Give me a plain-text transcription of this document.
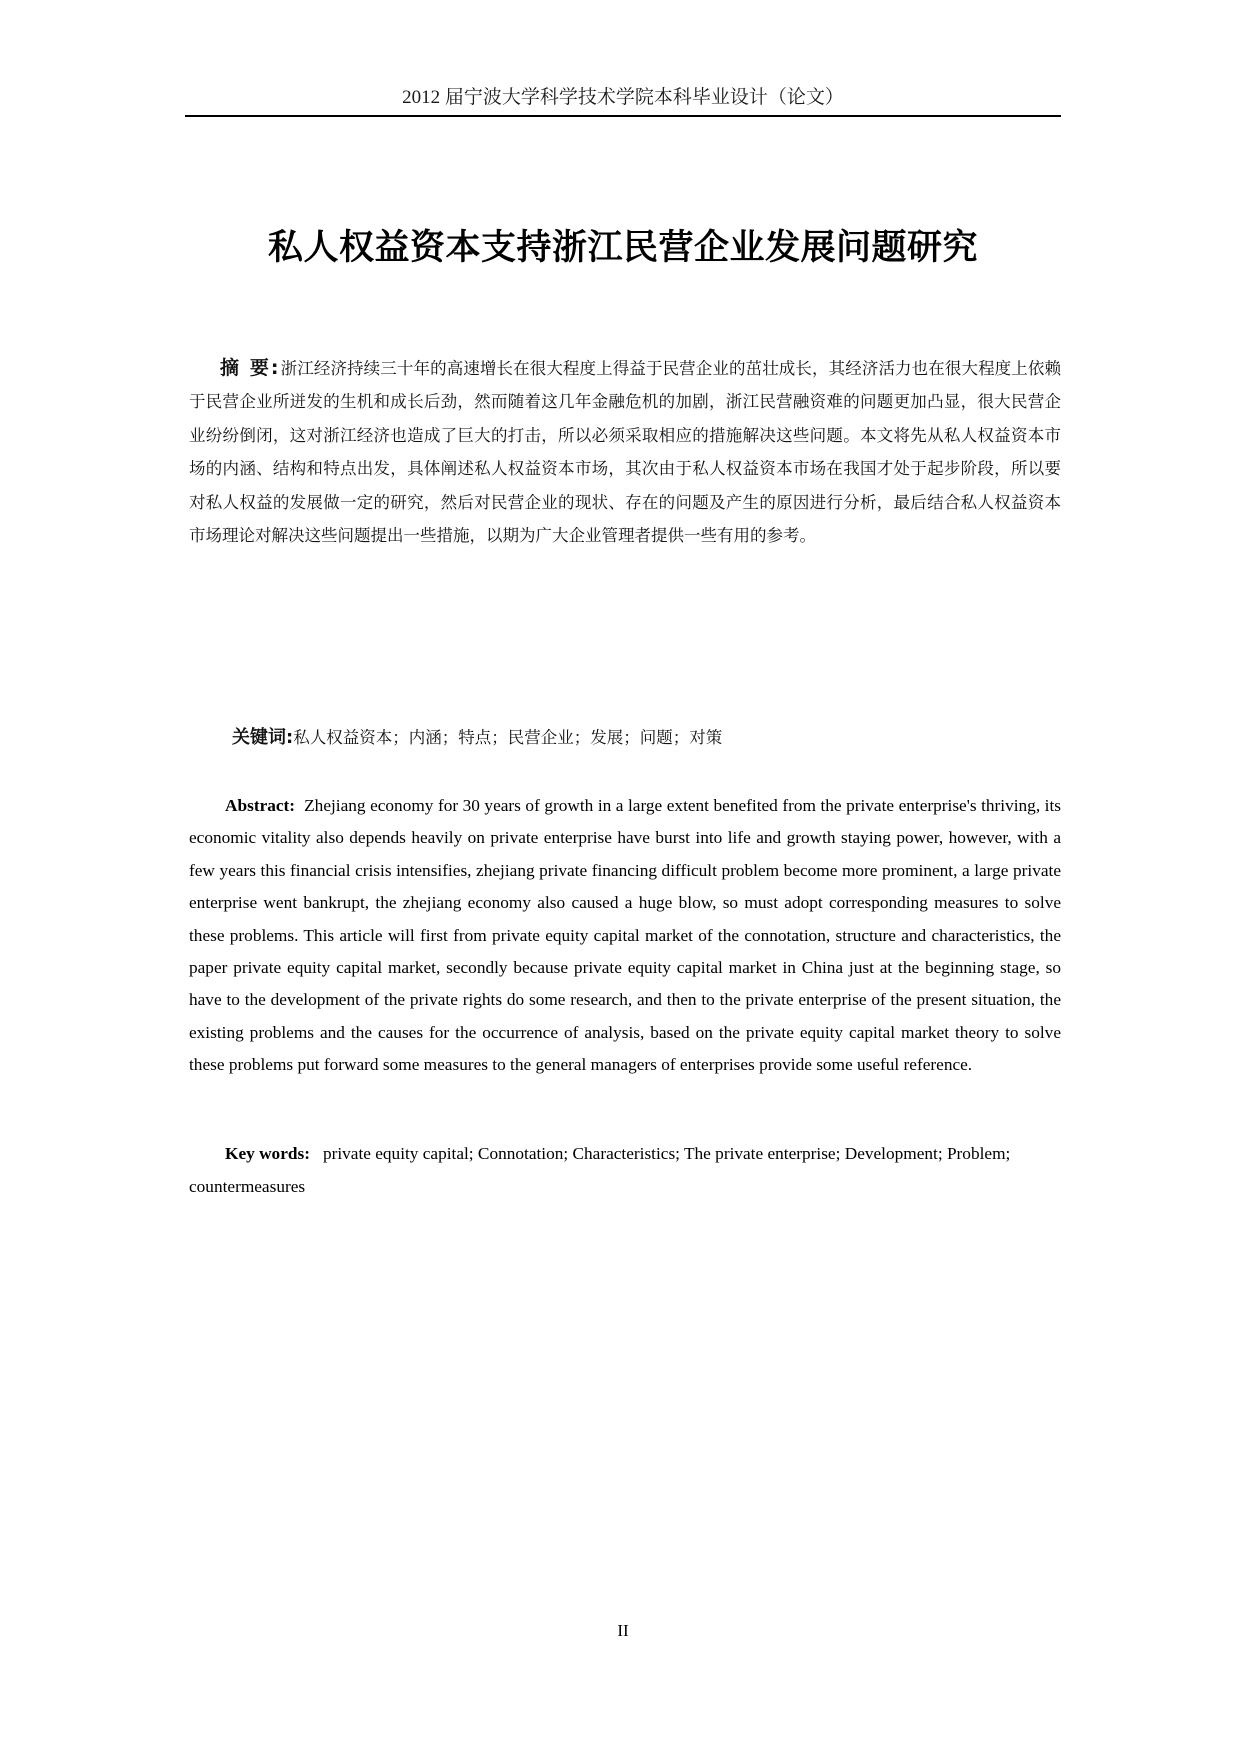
2012 届宁波大学科学技术学院本科毕业设计（论文）
私人权益资本支持浙江民营企业发展问题研究

摘 要:浙江经济持续三十年的高速增长在很大程度上得益于民营企业的茁壮成长，其经济活力也在很大程度上依赖于民营企业所迸发的生机和成长后劲，然而随着这几年金融危机的加剧，浙江民营融资难的问题更加凸显，很大民营企业纷纷倒闭，这对浙江经济也造成了巨大的打击，所以必须采取相应的措施解决这些问题。本文将先从私人权益资本市场的内涵、结构和特点出发，具体阐述私人权益资本市场，其次由于私人权益资本市场在我国才处于起步阶段，所以要对私人权益的发展做一定的研究，然后对民营企业的现状、存在的问题及产生的原因进行分析，最后结合私人权益资本市场理论对解决这些问题提出一些措施，以期为广大企业管理者提供一些有用的参考。

关键词:私人权益资本；内涵；特点；民营企业；发展；问题；对策

Abstract: Zhejiang economy for 30 years of growth in a large extent benefited from the private enterprise's thriving, its economic vitality also depends heavily on private enterprise have burst into life and growth staying power, however, with a few years this financial crisis intensifies, zhejiang private financing difficult problem become more prominent, a large private enterprise went bankrupt, the zhejiang economy also caused a huge blow, so must adopt corresponding measures to solve these problems. This article will first from private equity capital market of the connotation, structure and characteristics, the paper private equity capital market, secondly because private equity capital market in China just at the beginning stage, so have to the development of the private rights do some research, and then to the private enterprise of the present situation, the existing problems and the causes for the occurrence of analysis, based on the private equity capital market theory to solve these problems put forward some measures to the general managers of enterprises provide some useful reference.

Key words: private equity capital; Connotation; Characteristics; The private enterprise; Development; Problem; countermeasures

II
